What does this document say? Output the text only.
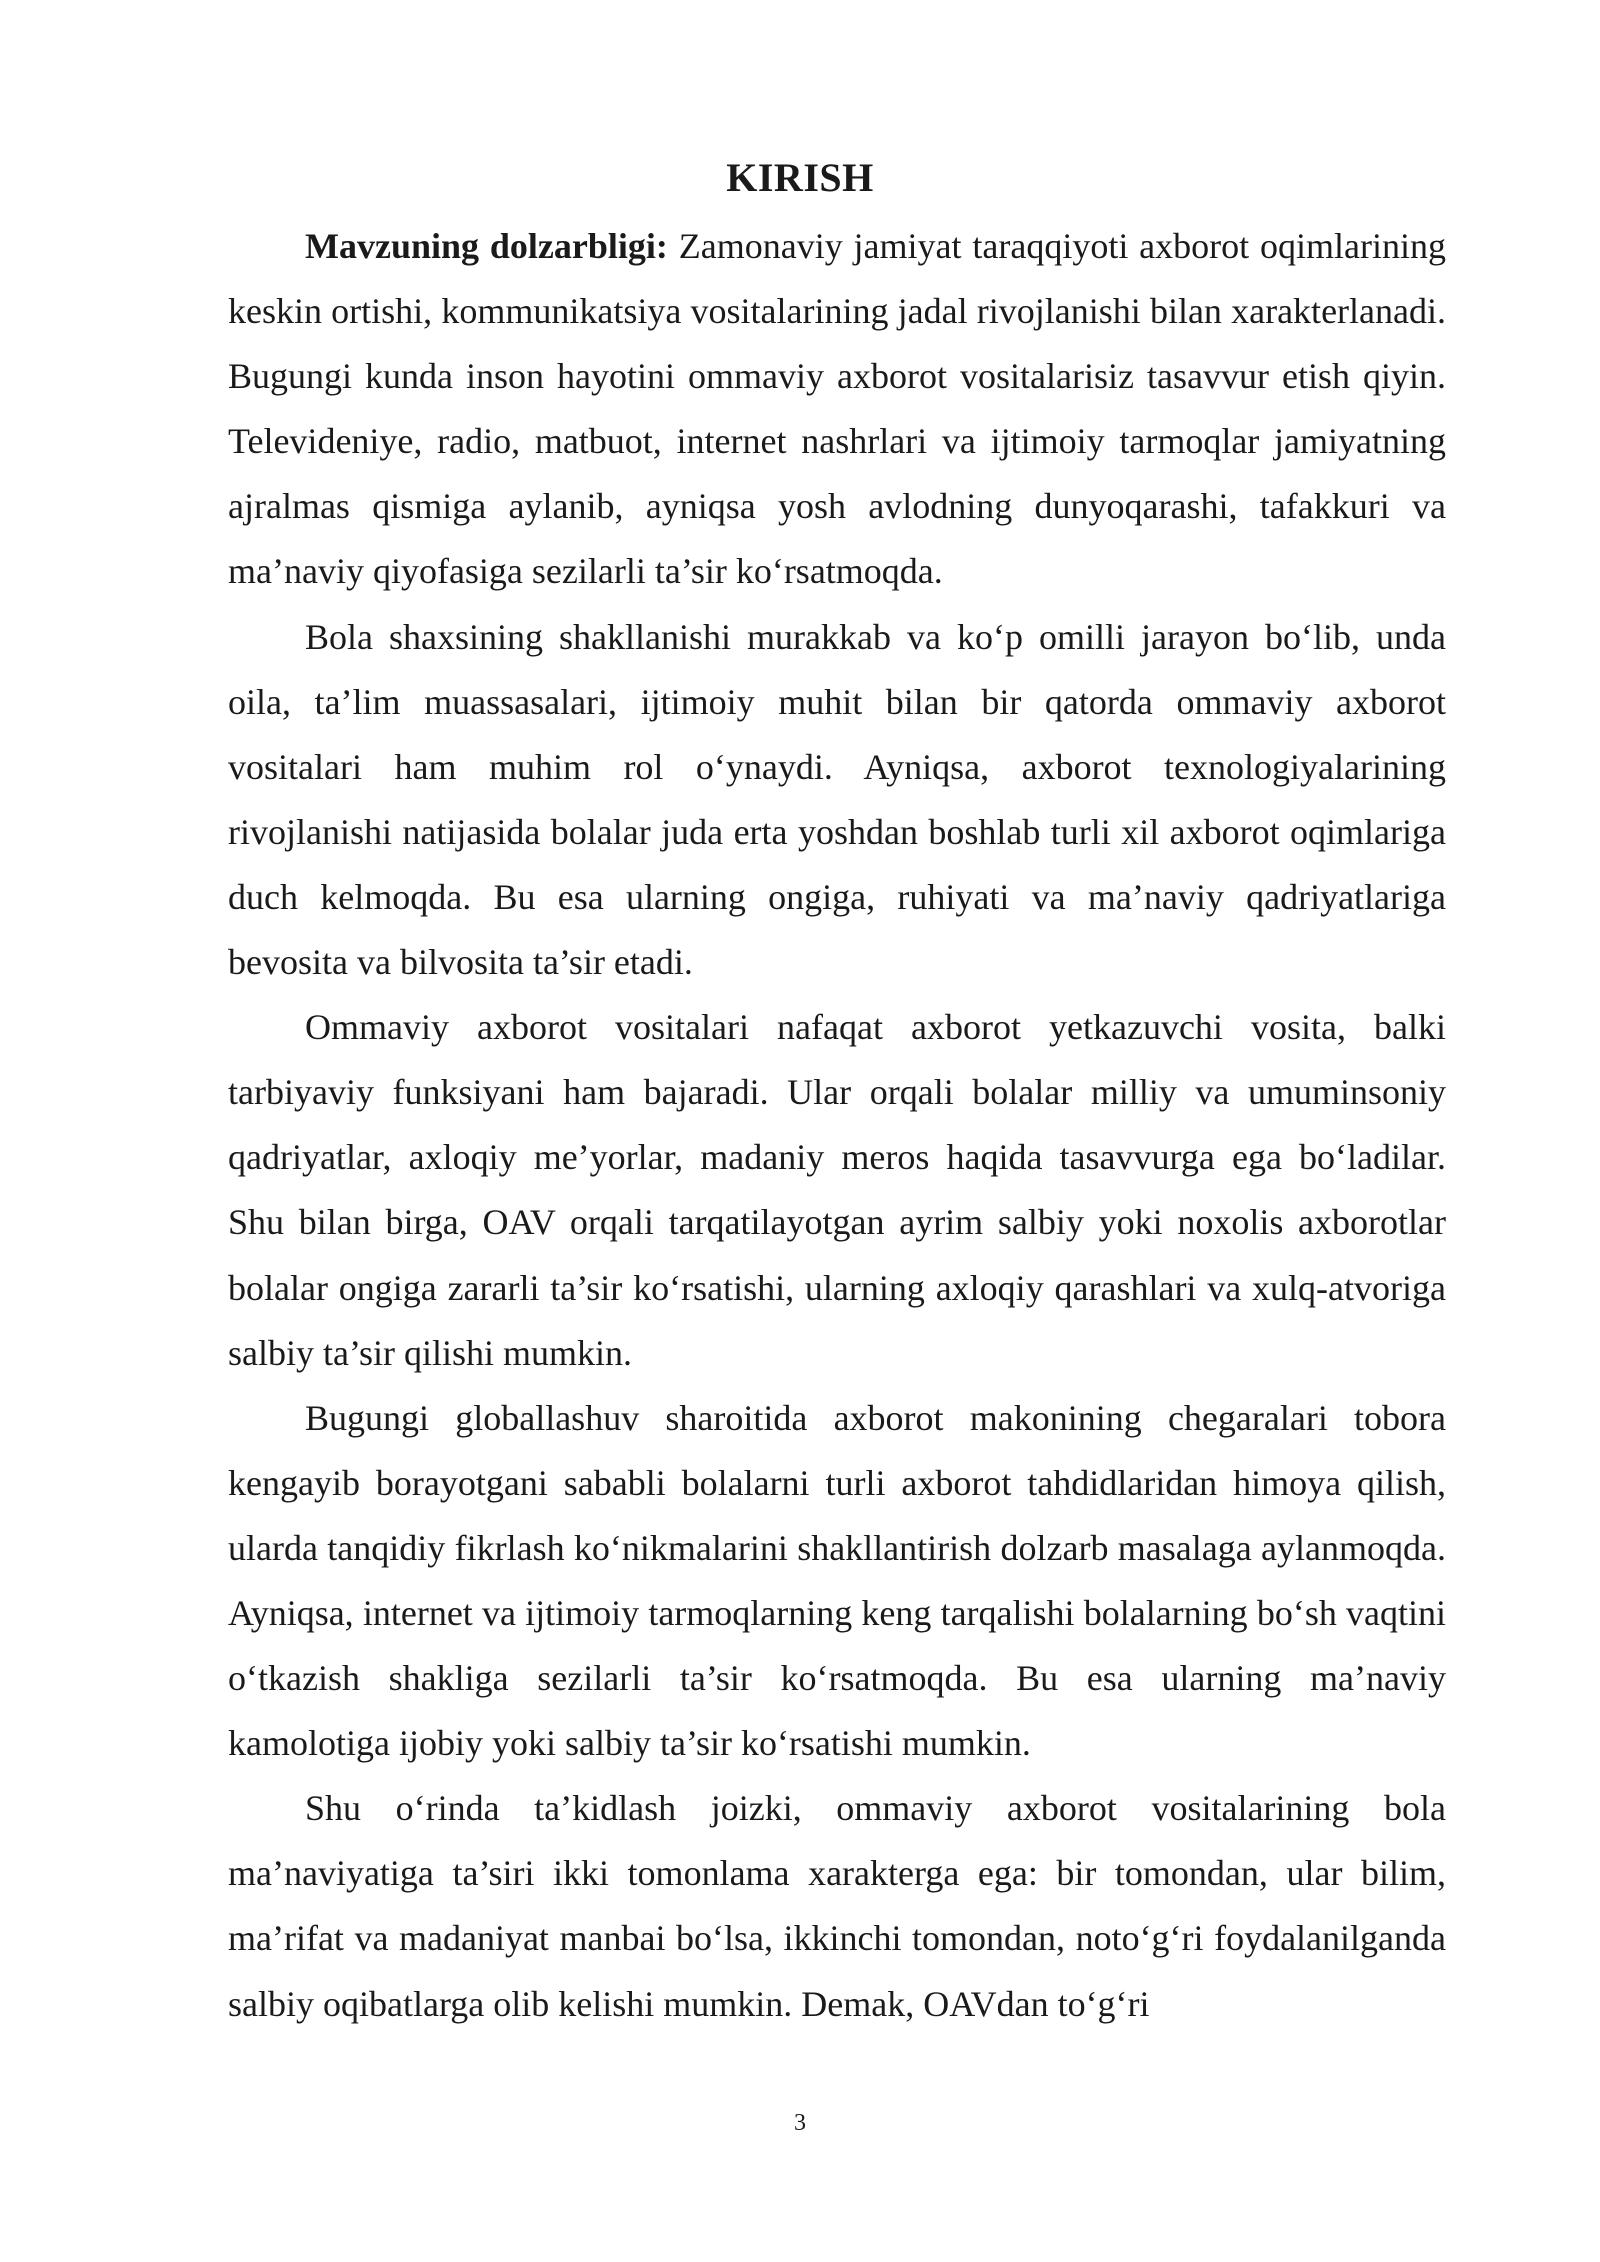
KIRISH

Mavzuning dolzarbligi: Zamonaviy jamiyat taraqqiyoti axborot oqimlarining keskin ortishi, kommunikatsiya vositalarining jadal rivojlanishi bilan xarakterlanadi. Bugungi kunda inson hayotini ommaviy axborot vositalarisiz tasavvur etish qiyin. Televideniye, radio, matbuot, internet nashrlari va ijtimoiy tarmoqlar jamiyatning ajralmas qismiga aylanib, ayniqsa yosh avlodning dunyoqarashi, tafakkuri va ma’naviy qiyofasiga sezilarli ta’sir ko‘rsatmoqda.

Bola shaxsining shakllanishi murakkab va ko‘p omilli jarayon bo‘lib, unda oila, ta’lim muassasalari, ijtimoiy muhit bilan bir qatorda ommaviy axborot vositalari ham muhim rol o‘ynaydi. Ayniqsa, axborot texnologiyalarining rivojlanishi natijasida bolalar juda erta yoshdan boshlab turli xil axborot oqimlariga duch kelmoqda. Bu esa ularning ongiga, ruhiyati va ma’naviy qadriyatlariga bevosita va bilvosita ta’sir etadi.

Ommaviy axborot vositalari nafaqat axborot yetkazuvchi vosita, balki tarbiyaviy funksiyani ham bajaradi. Ular orqali bolalar milliy va umuminsoniy qadriyatlar, axloqiy me’yorlar, madaniy meros haqida tasavvurga ega bo‘ladilar. Shu bilan birga, OAV orqali tarqatilayotgan ayrim salbiy yoki noxolis axborotlar bolalar ongiga zararli ta’sir ko‘rsatishi, ularning axloqiy qarashlari va xulq-atvoriga salbiy ta’sir qilishi mumkin.

Bugungi globallashuv sharoitida axborot makonining chegaralari tobora kengayib borayotgani sababli bolalarni turli axborot tahdidlaridan himoya qilish, ularda tanqidiy fikrlash ko‘nikmalarini shakllantirish dolzarb masalaga aylanmoqda. Ayniqsa, internet va ijtimoiy tarmoqlarning keng tarqalishi bolalarning bo‘sh vaqtini o‘tkazish shakliga sezilarli ta’sir ko‘rsatmoqda. Bu esa ularning ma’naviy kamolotiga ijobiy yoki salbiy ta’sir ko‘rsatishi mumkin.

Shu o‘rinda ta’kidlash joizki, ommaviy axborot vositalarining bola ma’naviyatiga ta’siri ikki tomonlama xarakterga ega: bir tomondan, ular bilim, ma’rifat va madaniyat manbai bo‘lsa, ikkinchi tomondan, noto‘g‘ri foydalanilganda salbiy oqibatlarga olib kelishi mumkin. Demak, OAVdan to‘g‘ri

3
